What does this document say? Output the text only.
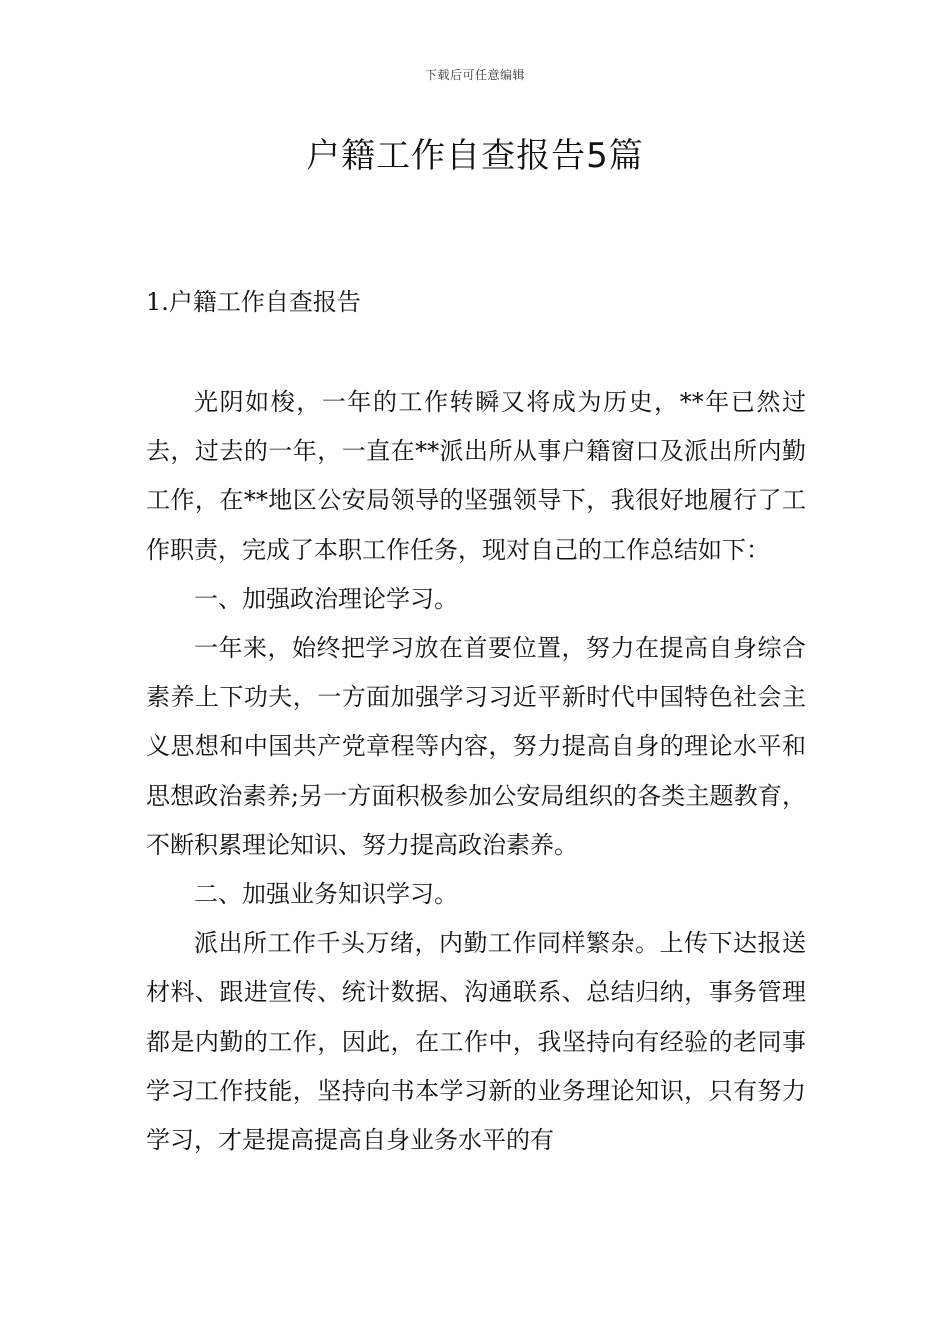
下载后可任意编辑
户籍工作自查报告5篇
1.户籍工作自查报告

光阴如梭，一年的工作转瞬又将成为历史，**年已然过去，过去的一年，一直在**派出所从事户籍窗口及派出所内勤工作，在**地区公安局领导的坚强领导下，我很好地履行了工作职责，完成了本职工作任务，现对自己的工作总结如下：

一、加强政治理论学习。

一年来，始终把学习放在首要位置，努力在提高自身综合素养上下功夫，一方面加强学习习近平新时代中国特色社会主义思想和中国共产党章程等内容，努力提高自身的理论水平和思想政治素养;另一方面积极参加公安局组织的各类主题教育，不断积累理论知识、努力提高政治素养。

二、加强业务知识学习。

派出所工作千头万绪，内勤工作同样繁杂。上传下达报送材料、跟进宣传、统计数据、沟通联系、总结归纳，事务管理都是内勤的工作，因此，在工作中，我坚持向有经验的老同事学习工作技能，坚持向书本学习新的业务理论知识，只有努力学习，才是提高提高自身业务水平的有
